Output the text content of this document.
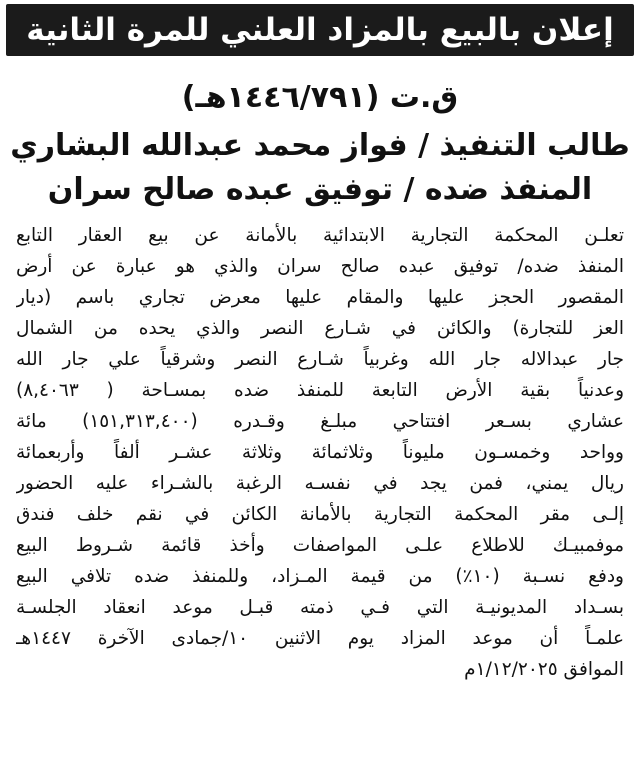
إعلان بالبيع بالمزاد العلني للمرة الثانية
ق.ت (١٤٤٦/٧٩١هـ)
طالب التنفيذ / فواز محمد عبدالله البشاري
المنفذ ضده / توفيق عبده صالح سران
تعلـن المحكمة التجارية الابتدائية بالأمانة عن بيع العقار التابع
المنفذ ضده/ توفيق عبده صالح سران والذي هو عبارة عن أرض
المقصور الحجز عليها والمقام عليها معرض تجاري باسم (ديار
العز للتجارة) والكائن في شـارع النصر والذي يحده من الشمال
جار عبدالاله جار الله وغربياً شـارع النصر وشرقياً علي جار الله
وعدنياً بقية الأرض التابعة للمنفذ ضده بمسـاحة ( ٨,٤٠٦٣)
عشاري بسـعر افتتاحي مبلـغ وقـدره (١٥١,٣١٣,٤٠٠) مائة
وواحد وخمسـون مليوناً وثلاثمائة وثلاثة عشـر ألفاً وأربعمائة
ريال يمني، فمن يجد في نفسـه الرغبة بالشـراء عليه الحضور
إلـى مقر المحكمة التجارية بالأمانة الكائن في نقم خلف فندق
موفمبيـك للاطلاع علـى المواصفات وأخذ قائمة شـروط البيع
ودفع نسـبة (١٠٪) من قيمة المـزاد، وللمنفذ ضده تلافي البيع
بسـداد المديونيـة التي فـي ذمته قبـل موعد انعقاد الجلسـة
علمـاً أن موعد المزاد يوم الاثنين ١٠/جمادى الآخرة ١٤٤٧هـ
الموافق ١/١٢/٢٠٢٥م
